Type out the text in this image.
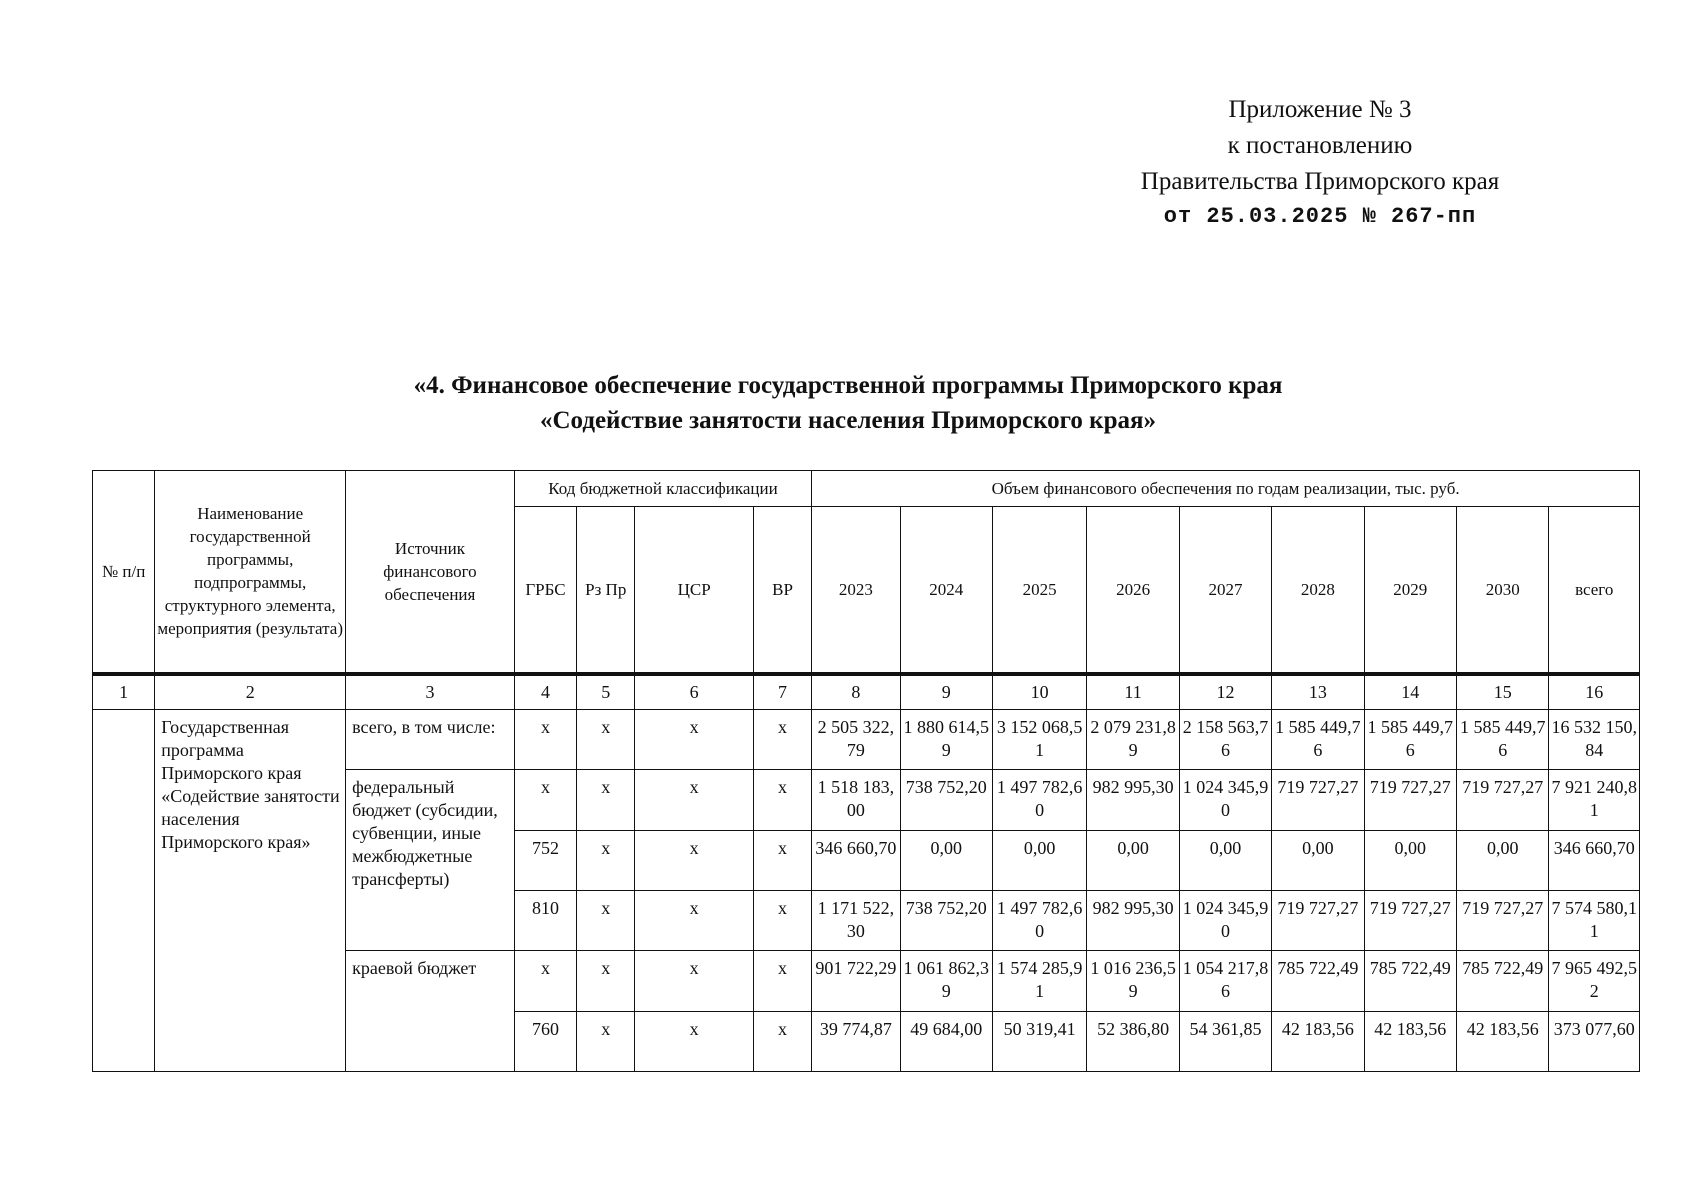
Приложение № 3
к постановлению
Правительства Приморского края
от 25.03.2025 № 267-пп
«4. Финансовое обеспечение государственной программы Приморского края
«Содействие занятости населения Приморского края»
№ п/п	Наименование государственной программы, подпрограммы, структурного элемента, мероприятия (результата)	Источник финансового обеспечения	Код бюджетной классификации				Объем финансового обеспечения по годам реализации, тыс. руб.								
			ГРБС	Рз Пр	ЦСР	ВР	2023	2024	2025	2026	2027	2028	2029	2030	всего
1	2	3	4	5	6	7	8	9	10	11	12	13	14	15	16
	Государственная программа Приморского края «Содействие занятости населения Приморского края»	всего, в том числе:	x	x	x	x	2 505 322,79	1 880 614,59	3 152 068,51	2 079 231,89	2 158 563,76	1 585 449,76	1 585 449,76	1 585 449,76	16 532 150,84
		федеральный бюджет (субсидии, субвенции, иные межбюджетные трансферты)	x	x	x	x	1 518 183,00	738 752,20	1 497 782,60	982 995,30	1 024 345,90	719 727,27	719 727,27	719 727,27	7 921 240,81
			752	x	x	x	346 660,70	0,00	0,00	0,00	0,00	0,00	0,00	0,00	346 660,70
			810	x	x	x	1 171 522,30	738 752,20	1 497 782,60	982 995,30	1 024 345,90	719 727,27	719 727,27	719 727,27	7 574 580,11
		краевой бюджет	x	x	x	x	901 722,29	1 061 862,39	1 574 285,91	1 016 236,59	1 054 217,86	785 722,49	785 722,49	785 722,49	7 965 492,52
			760	x	x	x	39 774,87	49 684,00	50 319,41	52 386,80	54 361,85	42 183,56	42 183,56	42 183,56	373 077,60
